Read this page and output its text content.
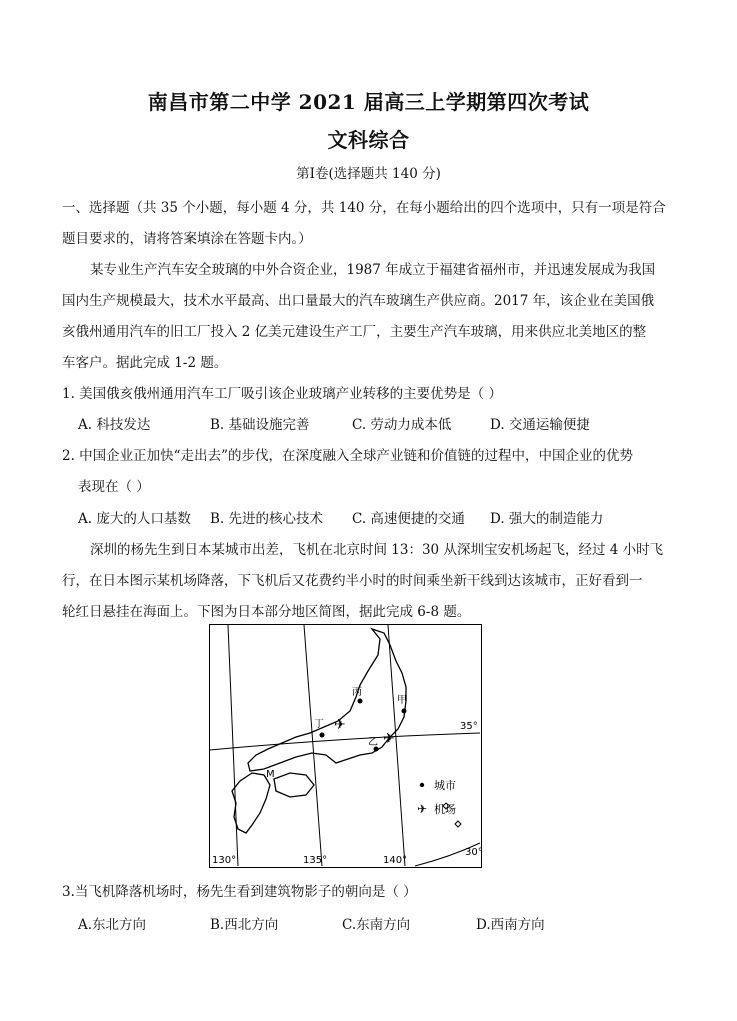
南昌市第二中学 2021 届高三上学期第四次考试
文科综合
第Ⅰ卷(选择题共 140 分)
一、选择题（共 35 个小题，每小题 4 分，共 140 分，在每小题给出的四个选项中，只有一项是符合
题目要求的，请将答案填涂在答题卡内。）
某专业生产汽车安全玻璃的中外合资企业，1987 年成立于福建省福州市，并迅速发展成为我国
国内生产规模最大，技术水平最高、出口量最大的汽车玻璃生产供应商。2017 年，该企业在美国俄
亥俄州通用汽车的旧工厂投入 2 亿美元建设生产工厂，主要生产汽车玻璃，用来供应北美地区的整
车客户。据此完成 1-2 题。
1. 美国俄亥俄州通用汽车工厂吸引该企业玻璃产业转移的主要优势是（ ）
A. 科技发达	B. 基础设施完善	C. 劳动力成本低	D. 交通运输便捷
2. 中国企业正加快“走出去”的步伐，在深度融入全球产业链和价值链的过程中，中国企业的优势
表现在（ ）
A. 庞大的人口基数 B. 先进的核心技术 C. 高速便捷的交通 D. 强大的制造能力
深圳的杨先生到日本某城市出差，飞机在北京时间 13：30 从深圳宝安机场起飞，经过 4 小时飞
行，在日本图示某机场降落，下飞机后又花费约半小时的时间乘坐新干线到达该城市，正好看到一
轮红日悬挂在海面上。下图为日本部分地区简图，据此完成 6-8 题。
✈
✈
丙
甲
丁
乙
M
35°
30°
130°	135°	140°
城市
✈ 机场
3.当飞机降落机场时，杨先生看到建筑物影子的朝向是（ ）
A.东北方向	B.西北方向	C.东南方向	D.西南方向
